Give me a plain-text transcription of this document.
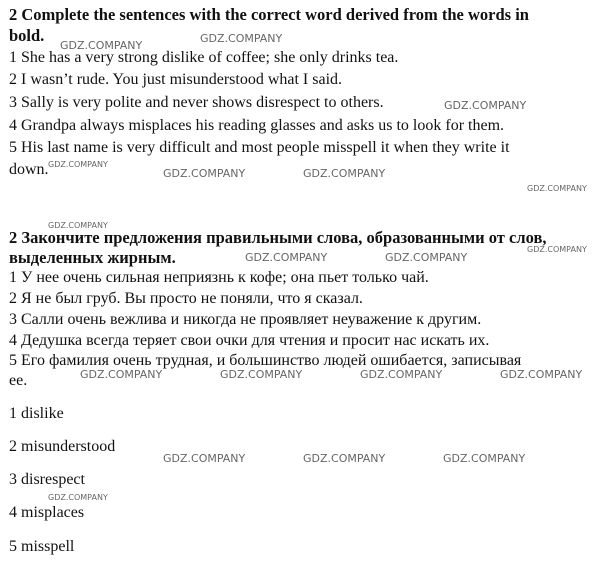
2 Complete the sentences with the correct word derived from the words in
bold.
1 She has a very strong dislike of coffee; she only drinks tea.
2 I wasn’t rude. You just misunderstood what I said.
3 Sally is very polite and never shows disrespect to others.
4 Grandpa always misplaces his reading glasses and asks us to look for them.
5 His last name is very difficult and most people misspell it when they write it
down.
2 Закончите предложения правильными слова, образованными от слов,
выделенных жирным.
1 У нее очень сильная неприязнь к кофе; она пьет только чай.
2 Я не был груб. Вы просто не поняли, что я сказал.
3 Салли очень вежлива и никогда не проявляет неуважение к другим.
4 Дедушка всегда теряет свои очки для чтения и просит нас искать их.
5 Его фамилия очень трудная, и большинство людей ошибается, записывая
ее.
1 dislike
2 misunderstood
3 disrespect
4 misplaces
5 misspell
GDZ.COMPANY
GDZ.COMPANY
GDZ.COMPANY
GDZ.COMPANY
GDZ.COMPANY	GDZ.COMPANY
GDZ.COMPANY
GDZ.COMPANY
GDZ.COMPANY
GDZ.COMPANY	GDZ.COMPANY
GDZ.COMPANY	GDZ.COMPANY	GDZ.COMPANY	GDZ.COMPANY
GDZ.COMPANY	GDZ.COMPANY	GDZ.COMPANY
GDZ.COMPANY
